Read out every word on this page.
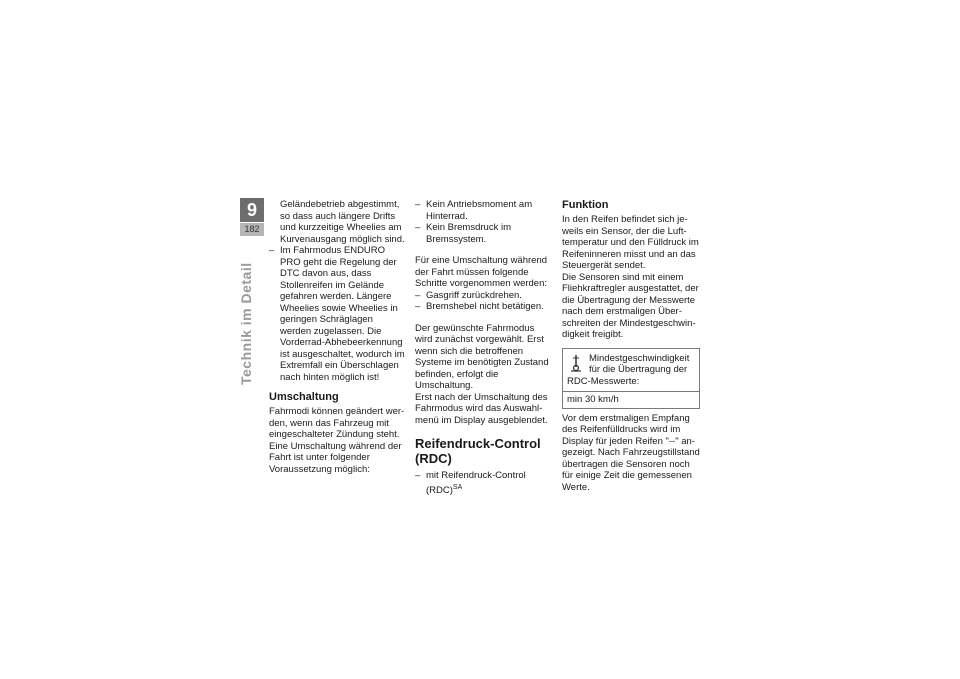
9
182
Technik im Detail

Geländebetrieb abgestimmt,
so dass auch längere Drifts
und kurzzeitige Wheelies am
Kurvenausgang möglich sind.

– Im Fahrmodus ENDURO PRO geht die Regelung der DTC davon aus, dass Stollenreifen im Gelände gefahren werden. Längere Wheelies sowie Wheelies in geringen Schräglagen werden zugelassen. Die Vorderrad-Abhebeerkennung ist ausgeschaltet, wodurch im Extremfall ein Überschlagen nach hinten möglich ist!

Umschaltung

Fahrmodi können geändert werden, wenn das Fahrzeug mit eingeschalteter Zündung steht. Eine Umschaltung während der Fahrt ist unter folgender Voraussetzung möglich:

– Kein Antriebsmoment am Hinterrad.

– Kein Bremsdruck im Bremssystem.

Für eine Umschaltung während der Fahrt müssen folgende Schritte vorgenommen werden:

– Gasgriff zurückdrehen.

– Bremshebel nicht betätigen.

Der gewünschte Fahrmodus wird zunächst vorgewählt. Erst wenn sich die betroffenen Systeme im benötigten Zustand befinden, erfolgt die Umschaltung.

Erst nach der Umschaltung des Fahrmodus wird das Auswahlmenü im Display ausgeblendet.

Reifendruck-Control (RDC)

– mit Reifendruck-Control (RDC)$^{SA}$

Funktion

In den Reifen befindet sich jeweils ein Sensor, der die Lufttemperatur und den Fülldruck im Reifeninneren misst und an das Steuergerät sendet.

Die Sensoren sind mit einem Fliehkraftregler ausgestattet, der die Übertragung der Messwerte nach dem erstmaligen Überschreiten der Mindestgeschwindigkeit freigibt.

Mindestgeschwindigkeit
für die Übertragung der
RDC-Messwerte:
min 30 km/h

Vor dem erstmaligen Empfang des Reifenfülldrucks wird im Display für jeden Reifen "--" angezeigt. Nach Fahrzeugstillstand übertragen die Sensoren noch für einige Zeit die gemessenen Werte.
